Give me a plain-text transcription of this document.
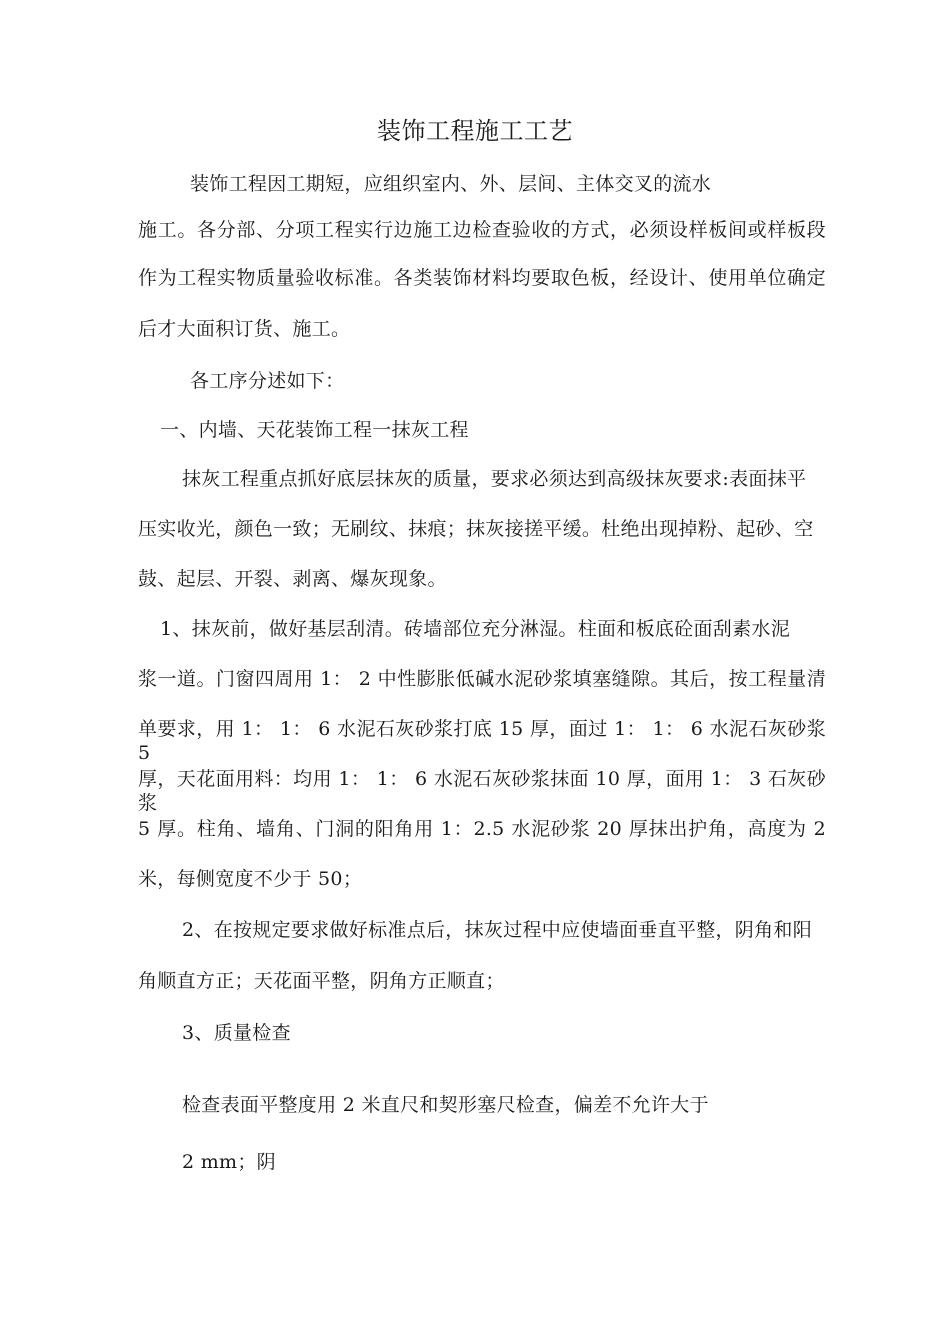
装饰工程施工工艺
装饰工程因工期短，应组织室内、外、层间、主体交叉的流水
施工。各分部、分项工程实行边施工边检查验收的方式，必须设样板间或样板段
作为工程实物质量验收标准。各类装饰材料均要取色板，经设计、使用单位确定
后才大面积订货、施工。
各工序分述如下：
一、内墙、天花装饰工程一抹灰工程
抹灰工程重点抓好底层抹灰的质量，要求必须达到高级抹灰要求:表面抹平
压实收光，颜色一致；无刷纹、抹痕；抹灰接搓平缓。杜绝出现掉粉、起砂、空
鼓、起层、开裂、剥离、爆灰现象。
1、抹灰前，做好基层刮清。砖墙部位充分淋湿。柱面和板底砼面刮素水泥
浆一道。门窗四周用 1： 2 中性膨胀低碱水泥砂浆填塞缝隙。其后，按工程量清
单要求，用 1： 1： 6 水泥石灰砂浆打底 15 厚，面过 1： 1： 6 水泥石灰砂浆 5
厚，天花面用料：均用 1： 1： 6 水泥石灰砂浆抹面 10 厚，面用 1： 3 石灰砂浆
5 厚。柱角、墙角、门洞的阳角用 1：2.5 水泥砂浆 20 厚抹出护角，高度为 2
米，每侧宽度不少于 50；
2、在按规定要求做好标准点后，抹灰过程中应使墙面垂直平整，阴角和阳
角顺直方正；天花面平整，阴角方正顺直；
3、质量检查
检查表面平整度用 2 米直尺和契形塞尺检查，偏差不允许大于
2 mm；阴
